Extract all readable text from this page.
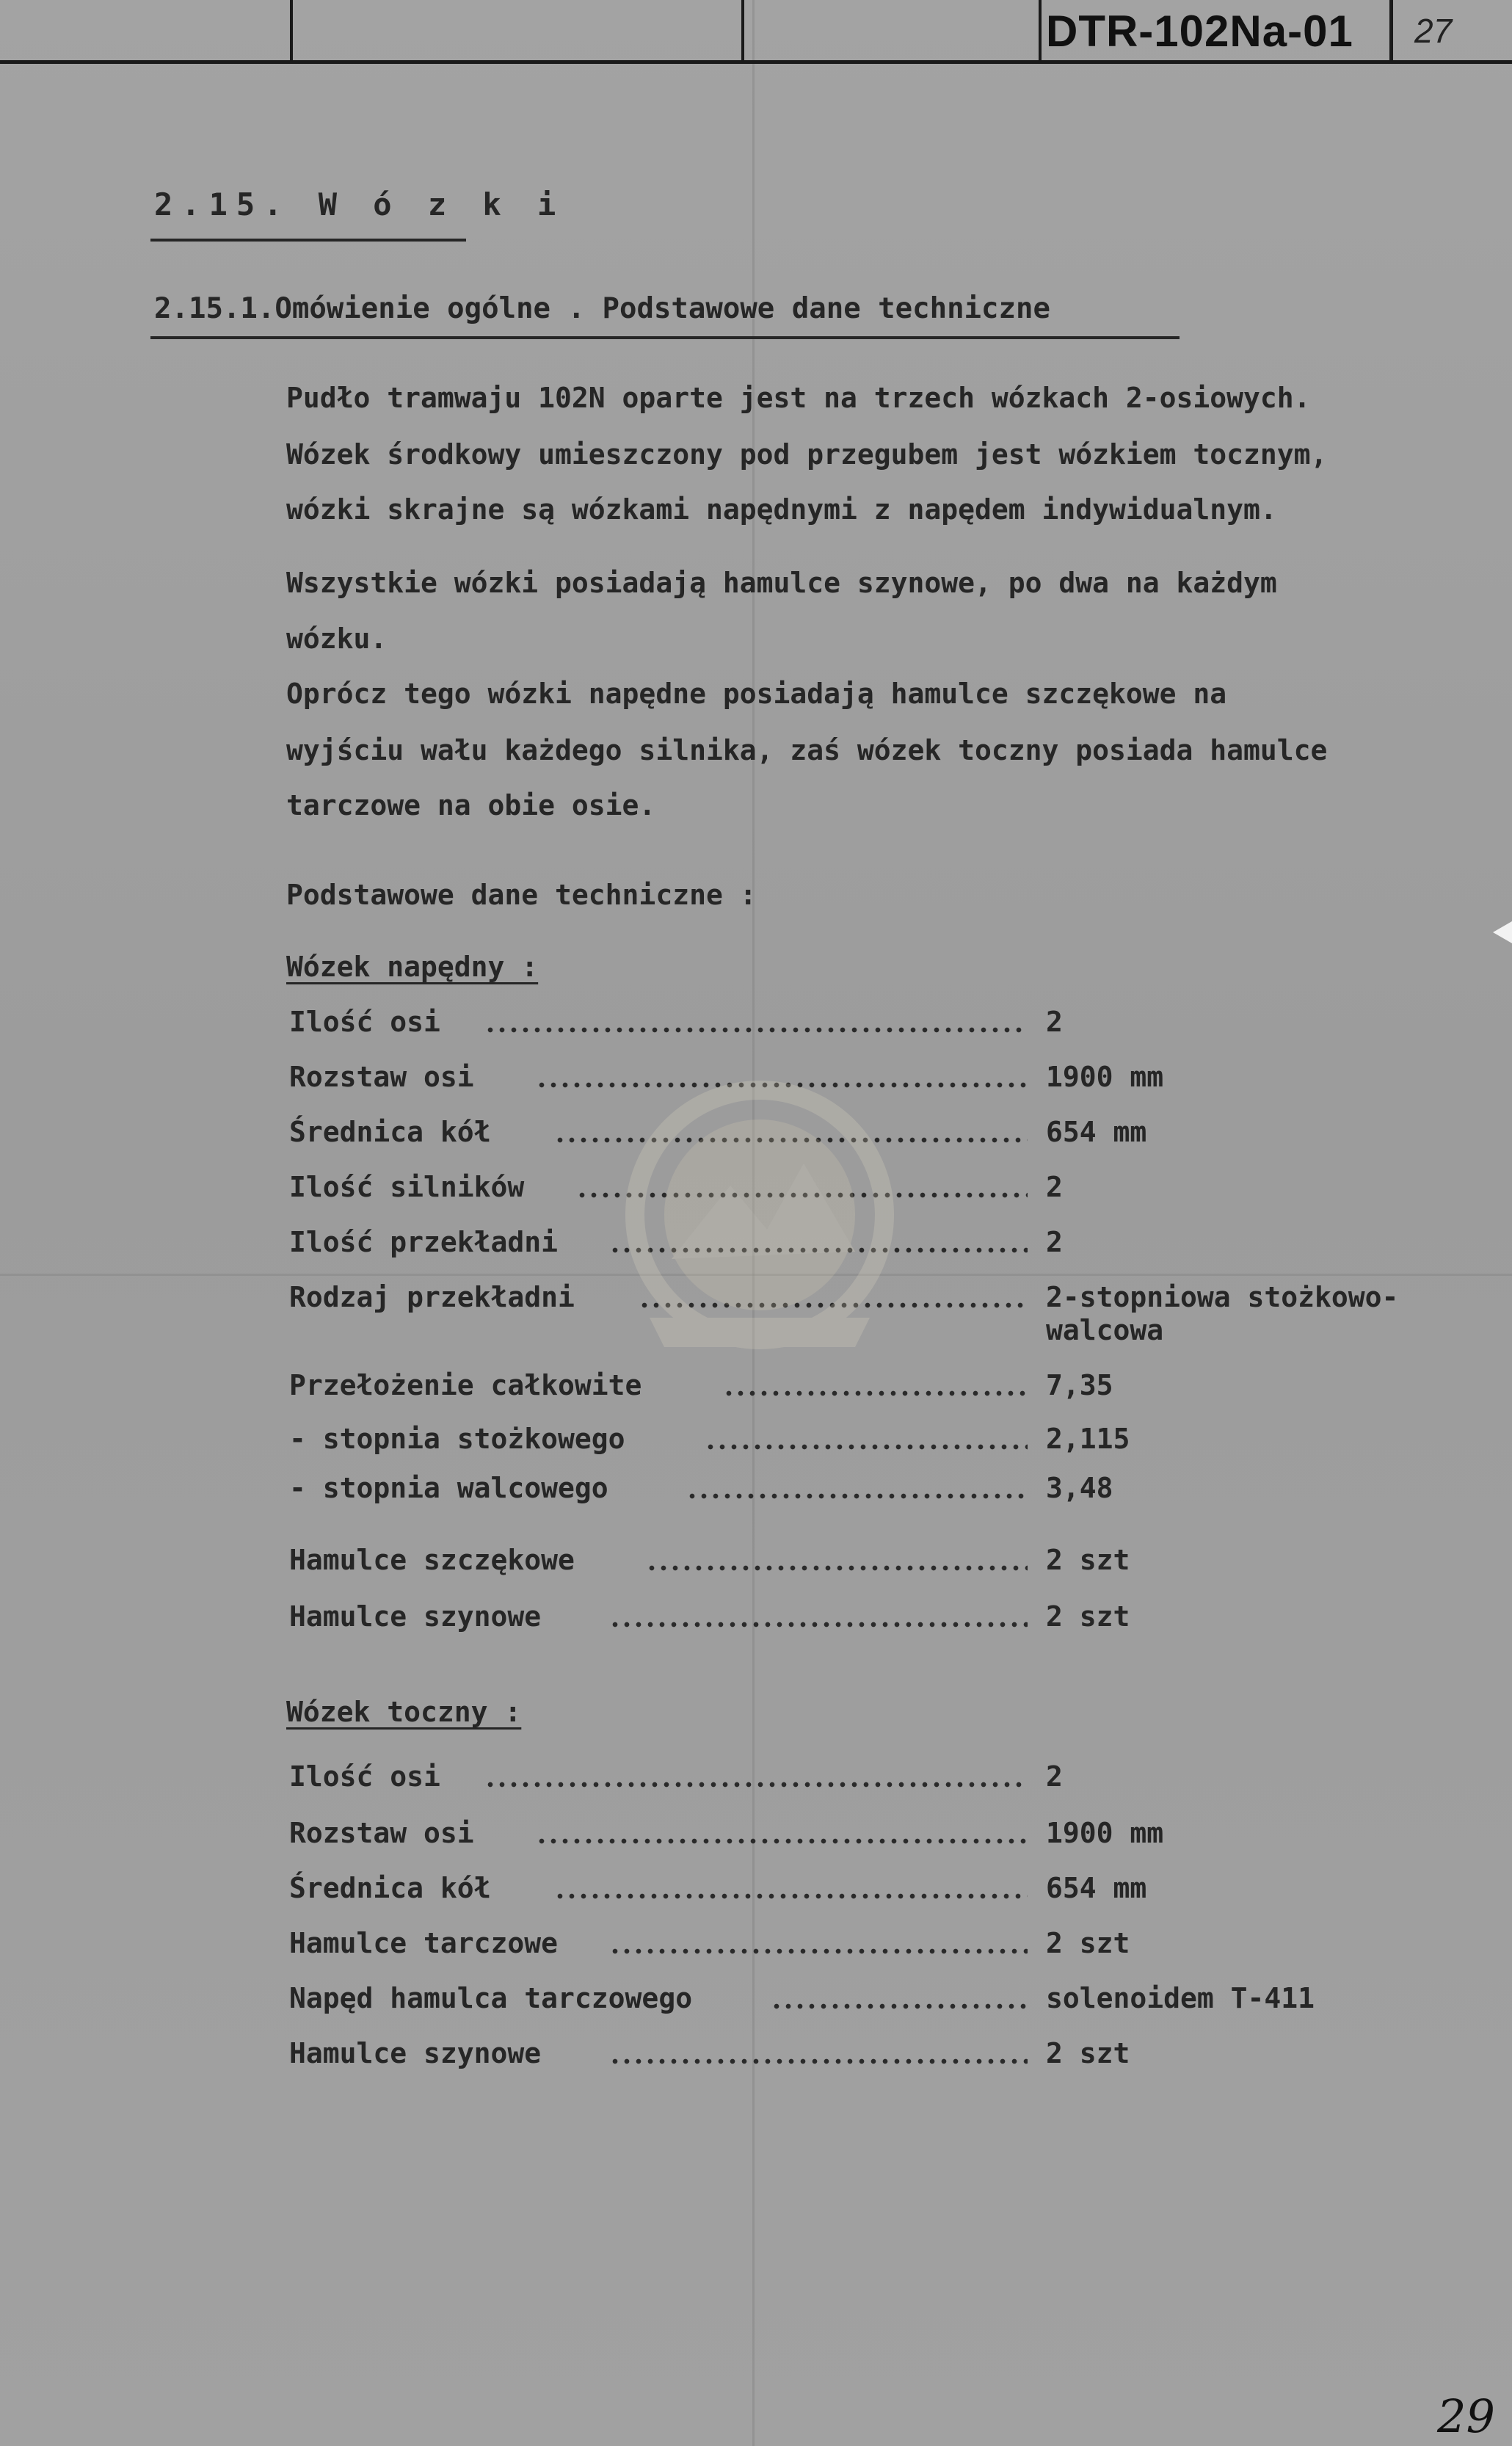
DTR-102Na-01	27
2.15. W ó z k i
2.15.1.Omówienie ogólne . Podstawowe dane techniczne
Pudło tramwaju 102N oparte jest na trzech wózkach 2-osiowych.
Wózek środkowy umieszczony pod przegubem jest wózkiem tocznym,
wózki skrajne są wózkami napędnymi z napędem indywidualnym.
Wszystkie wózki posiadają hamulce szynowe, po dwa na każdym
wózku.
Oprócz tego wózki napędne posiadają hamulce szczękowe na
wyjściu wału każdego silnika, zaś wózek toczny posiada hamulce
tarczowe na obie osie.
Podstawowe dane techniczne :
Wózek napędny :
Ilość osi	2
Rozstaw osi	1900 mm
Średnica kół	654 mm
Ilość silników	2
Ilość przekładni	2
Rodzaj przekładni	2-stopniowa stożkowo-
walcowa
Przełożenie całkowite	7,35
- stopnia stożkowego	2,115
- stopnia walcowego	3,48
Hamulce szczękowe	2 szt
Hamulce szynowe	2 szt
Wózek toczny :
Ilość osi	2
Rozstaw osi	1900 mm
Średnica kół	654 mm
Hamulce tarczowe	2 szt
Napęd hamulca tarczowego	solenoidem T-411
Hamulce szynowe	2 szt
29
